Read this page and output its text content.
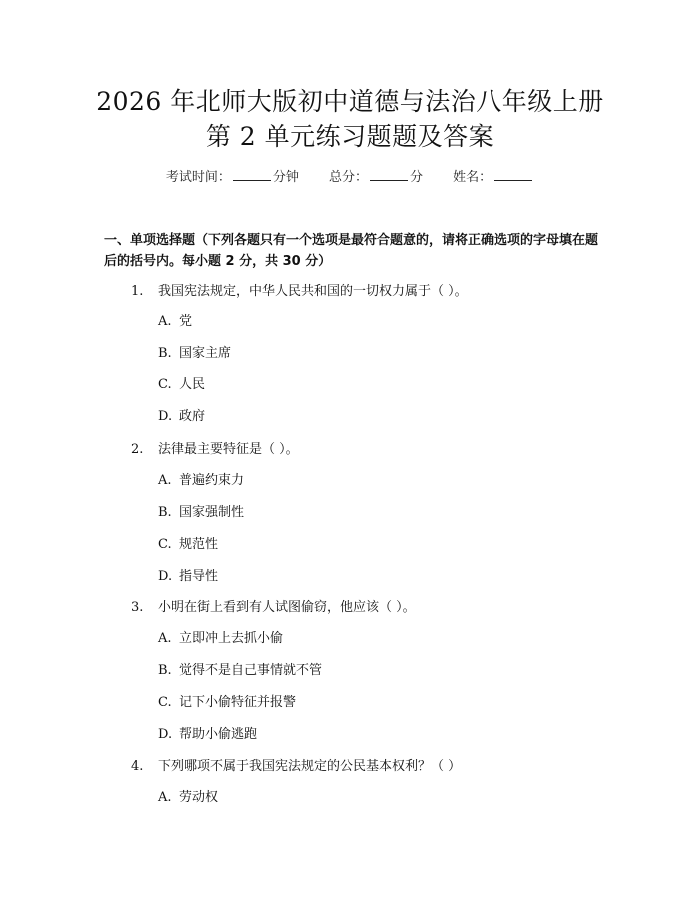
2026 年北师大版初中道德与法治八年级上册
第 2 单元练习题题及答案
考试时间：	分钟 总分：	分 姓名：
一、单项选择题（下列各题只有一个选项是最符合题意的，请将正确选项的字母填在题后的括号内。每小题 2 分，共 30 分）
1. 我国宪法规定，中华人民共和国的一切权力属于（ ）。
A. 党
B. 国家主席
C. 人民
D. 政府
2. 法律最主要特征是（ ）。
A. 普遍约束力
B. 国家强制性
C. 规范性
D. 指导性
3. 小明在街上看到有人试图偷窃，他应该（ ）。
A. 立即冲上去抓小偷
B. 觉得不是自己事情就不管
C. 记下小偷特征并报警
D. 帮助小偷逃跑
4. 下列哪项不属于我国宪法规定的公民基本权利？（ ）
A. 劳动权
